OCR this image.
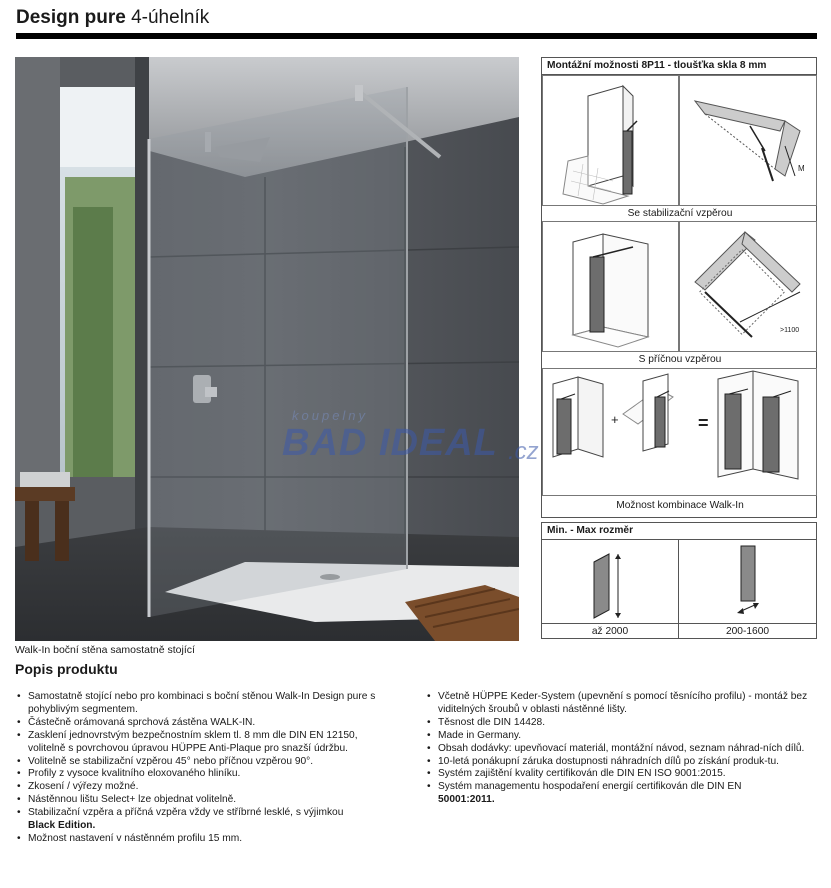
Design pure 4-úhelník
Walk-In boční stěna samostatně stojící
koupelny
BAD IDEAL .cz
Montážní možnosti 8P11 - tloušťka skla 8 mm
M
Se stabilizační vzpěrou
>1100
S příčnou vzpěrou
+	=
Možnost kombinace Walk-In
Min. - Max rozměr
až 2000	200-1600
Popis produktu
• Samostatně stojící nebo pro kombinaci s boční stěnou Walk-In Design pure s pohyblivým segmentem.
• Částečně orámovaná sprchová zástěna WALK-IN.
• Zasklení jednovrstvým bezpečnostním sklem tl. 8 mm dle DIN EN 12150, volitelně s povrchovou úpravou HÜPPE Anti-Plaque pro snazší údržbu.
• Volitelně se stabilizační vzpěrou 45° nebo příčnou vzpěrou 90°.
• Profily z vysoce kvalitního eloxovaného hliníku.
• Zkosení / výřezy možné.
• Nástěnnou lištu Select+ lze objednat volitelně.
• Stabilizační vzpěra a příčná vzpěra vždy ve stříbrné lesklé, s výjimkou
Black Edition.
• Možnost nastavení v nástěnném profilu 15 mm.
• Včetně HÜPPE Keder-System (upevnění s pomocí těsnícího profilu) - montáž bez viditelných šroubů v oblasti nástěnné lišty.
• Těsnost dle DIN 14428.
• Made in Germany.
• Obsah dodávky: upevňovací materiál, montážní návod, seznam náhrad-ních dílů.
• 10-letá ponákupní záruka dostupnosti náhradních dílů po získání produk-tu.
• Systém zajištění kvality certifikován dle DIN EN ISO 9001:2015.
• Systém managementu hospodaření energií certifikován dle DIN EN
50001:2011.
